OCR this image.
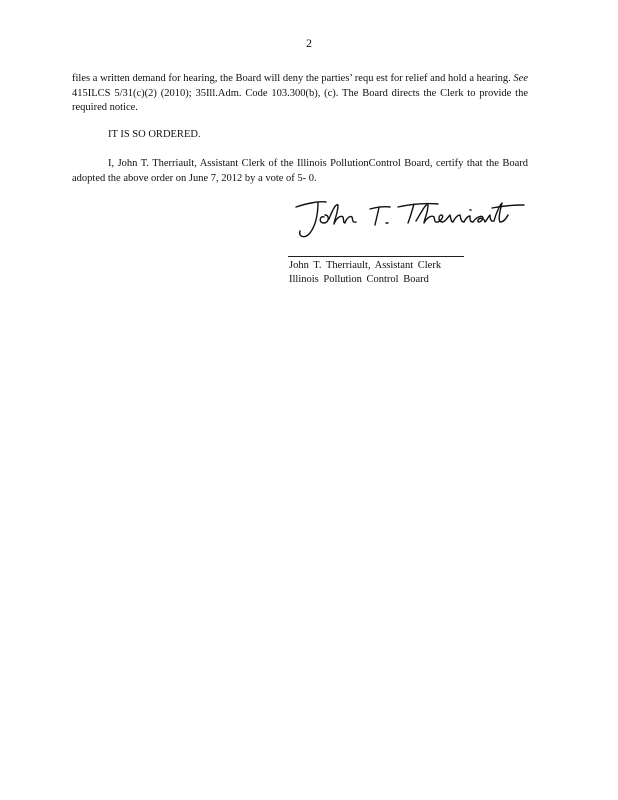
2
files a written demand for hearing, the Board will deny the parties’ requ est for relief and hold a hearing. See 415ILCS 5/31(c)(2) (2010); 35Ill.Adm. Code 103.300(b), (c). The Board directs the Clerk to provide the required notice.
IT IS SO ORDERED.
I, John T. Therriault, Assistant Clerk of the Illinois PollutionControl Board, certify that the Board adopted the above order on June 7, 2012 by a vote of 5- 0.
John T. Therriault, Assistant Clerk
Illinois Pollution Control Board
